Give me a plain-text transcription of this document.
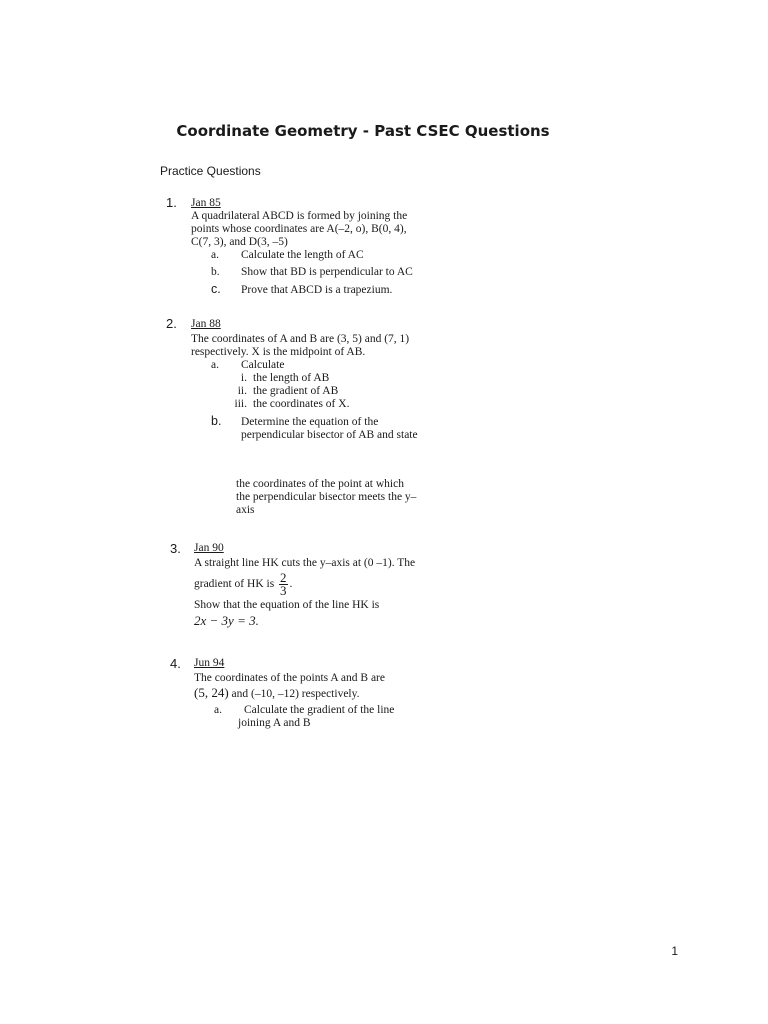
Coordinate Geometry - Past CSEC Questions
Practice Questions
1. Jan 85
A quadrilateral ABCD is formed by joining the
points whose coordinates are A(–2, o), B(0, 4),
C(7, 3), and D(3, –5)
a. Calculate the length of AC
b. Show that BD is perpendicular to AC
c. Prove that ABCD is a trapezium.
2. Jan 88
The coordinates of A and B are (3, 5) and (7, 1)
respectively. X is the midpoint of AB.
a. Calculate
i. the length of AB
ii. the gradient of AB
iii. the coordinates of X.
b. Determine the equation of the
perpendicular bisector of AB and state
the coordinates of the point at which
the perpendicular bisector meets the y–
axis
3. Jan 90
A straight line HK cuts the y–axis at (0 –1). The
gradient of HK is $\frac{2}{3}$ .
Show that the equation of the line HK is
2x − 3y = 3.
4. Jun 94
The coordinates of the points A and B are
(5, 24) and (–10, –12) respectively.
a. Calculate the gradient of the line
joining A and B
1
